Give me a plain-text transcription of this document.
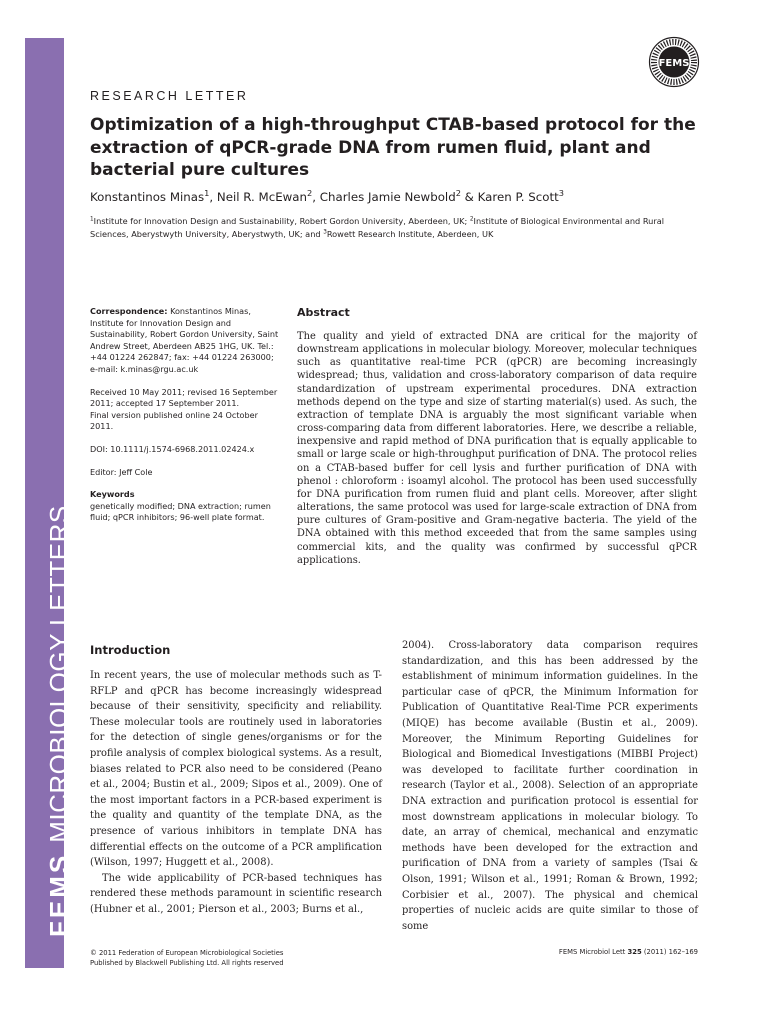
FEMSMICROBIOLOGY LETTERS
FEMS
RESEARCH LETTER
Optimization of a high-throughput CTAB-based protocol for the extraction of qPCR-grade DNA from rumen fluid, plant and bacterial pure cultures
Konstantinos Minas$^1$, Neil R. McEwan$^2$, Charles Jamie Newbold$^2$ & Karen P. Scott$^3$
$^1$Institute for Innovation Design and Sustainability, Robert Gordon University, Aberdeen, UK; $^2$Institute of Biological Environmental and Rural Sciences, Aberystwyth University, Aberystwyth, UK; and $^3$Rowett Research Institute, Aberdeen, UK

Correspondence: Konstantinos Minas, Institute for Innovation Design and Sustainability, Robert Gordon University, Saint Andrew Street, Aberdeen AB25 1HG, UK. Tel.: +44 01224 262847; fax: +44 01224 263000; e-mail: k.minas@rgu.ac.uk

Received 10 May 2011; revised 16 September 2011; accepted 17 September 2011.

Final version published online 24 October 2011.

DOI: 10.1111/j.1574-6968.2011.02424.x

Editor: Jeff Cole

Keywords
genetically modified; DNA extraction; rumen fluid; qPCR inhibitors; 96-well plate format.

Abstract

The quality and yield of extracted DNA are critical for the majority of downstream applications in molecular biology. Moreover, molecular techniques such as quantitative real-time PCR (qPCR) are becoming increasingly widespread; thus, validation and cross-laboratory comparison of data require standardization of upstream experimental procedures. DNA extraction methods depend on the type and size of starting material(s) used. As such, the extraction of template DNA is arguably the most significant variable when cross-comparing data from different laboratories. Here, we describe a reliable, inexpensive and rapid method of DNA purification that is equally applicable to small or large scale or high-throughput purification of DNA. The protocol relies on a CTAB-based buffer for cell lysis and further purification of DNA with phenol : chloroform : isoamyl alcohol. The protocol has been used successfully for DNA purification from rumen fluid and plant cells. Moreover, after slight alterations, the same protocol was used for large-scale extraction of DNA from pure cultures of Gram-positive and Gram-negative bacteria. The yield of the DNA obtained with this method exceeded that from the same samples using commercial kits, and the quality was confirmed by successful qPCR applications.

Introduction

In recent years, the use of molecular methods such as T-RFLP and qPCR has become increasingly widespread because of their sensitivity, specificity and reliability. These molecular tools are routinely used in laboratories for the detection of single genes/organisms or for the profile analysis of complex biological systems. As a result, biases related to PCR also need to be considered (Peano et al., 2004; Bustin et al., 2009; Sipos et al., 2009). One of the most important factors in a PCR-based experiment is the quality and quantity of the template DNA, as the presence of various inhibitors in template DNA has differential effects on the outcome of a PCR amplification (Wilson, 1997; Huggett et al., 2008).

The wide applicability of PCR-based techniques has rendered these methods paramount in scientific research (Hubner et al., 2001; Pierson et al., 2003; Burns et al.,

2004). Cross-laboratory data comparison requires standardization, and this has been addressed by the establishment of minimum information guidelines. In the particular case of qPCR, the Minimum Information for Publication of Quantitative Real-Time PCR experiments (MIQE) has become available (Bustin et al., 2009). Moreover, the Minimum Reporting Guidelines for Biological and Biomedical Investigations (MIBBI Project) was developed to facilitate further coordination in research (Taylor et al., 2008). Selection of an appropriate DNA extraction and purification protocol is essential for most downstream applications in molecular biology. To date, an array of chemical, mechanical and enzymatic methods have been developed for the extraction and purification of DNA from a variety of samples (Tsai & Olson, 1991; Wilson et al., 1991; Roman & Brown, 1992; Corbisier et al., 2007). The physical and chemical properties of nucleic acids are quite similar to those of some

© 2011 Federation of European Microbiological Societies
Published by Blackwell Publishing Ltd. All rights reserved
FEMS Microbiol Lett 325 (2011) 162–169
